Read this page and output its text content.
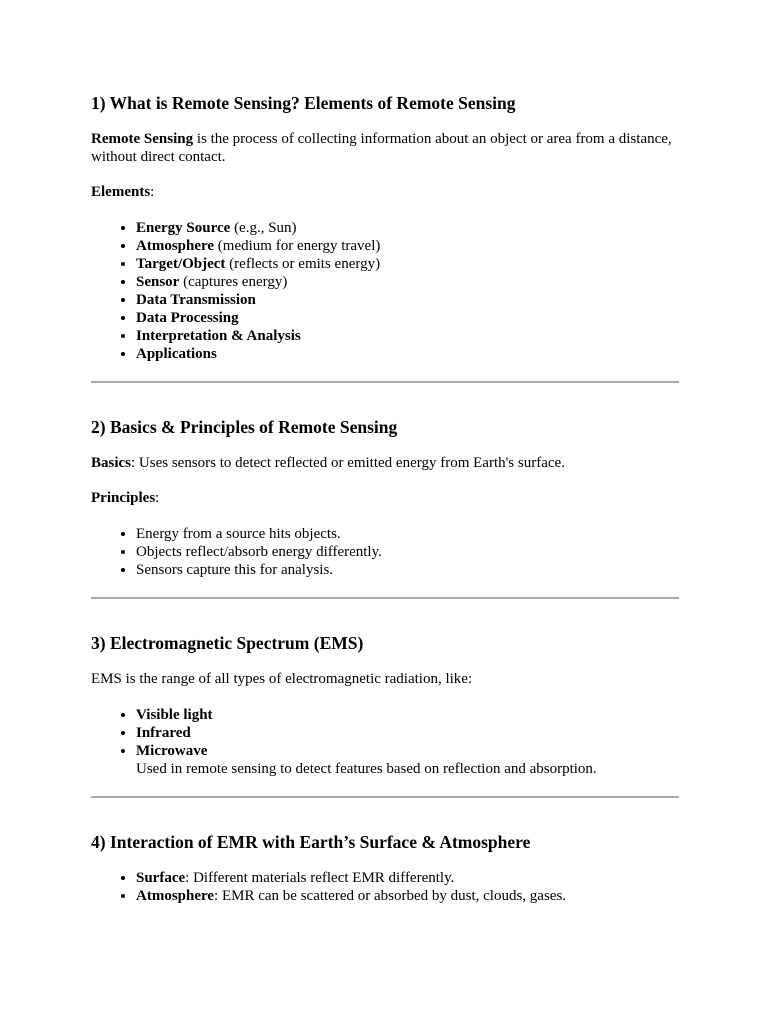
1) What is Remote Sensing? Elements of Remote Sensing

Remote Sensing is the process of collecting information about an object or area from a distance, without direct contact.

Elements:

• Energy Source (e.g., Sun)
• Atmosphere (medium for energy travel)
• Target/Object (reflects or emits energy)
• Sensor (captures energy)
• Data Transmission
• Data Processing
• Interpretation & Analysis
• Applications
2) Basics & Principles of Remote Sensing

Basics: Uses sensors to detect reflected or emitted energy from Earth's surface.

Principles:

• Energy from a source hits objects.
• Objects reflect/absorb energy differently.
• Sensors capture this for analysis.
3) Electromagnetic Spectrum (EMS)

EMS is the range of all types of electromagnetic radiation, like:

• Visible light
• Infrared
• Microwave
Used in remote sensing to detect features based on reflection and absorption.
4) Interaction of EMR with Earth’s Surface & Atmosphere
• Surface: Different materials reflect EMR differently.
• Atmosphere: EMR can be scattered or absorbed by dust, clouds, gases.
